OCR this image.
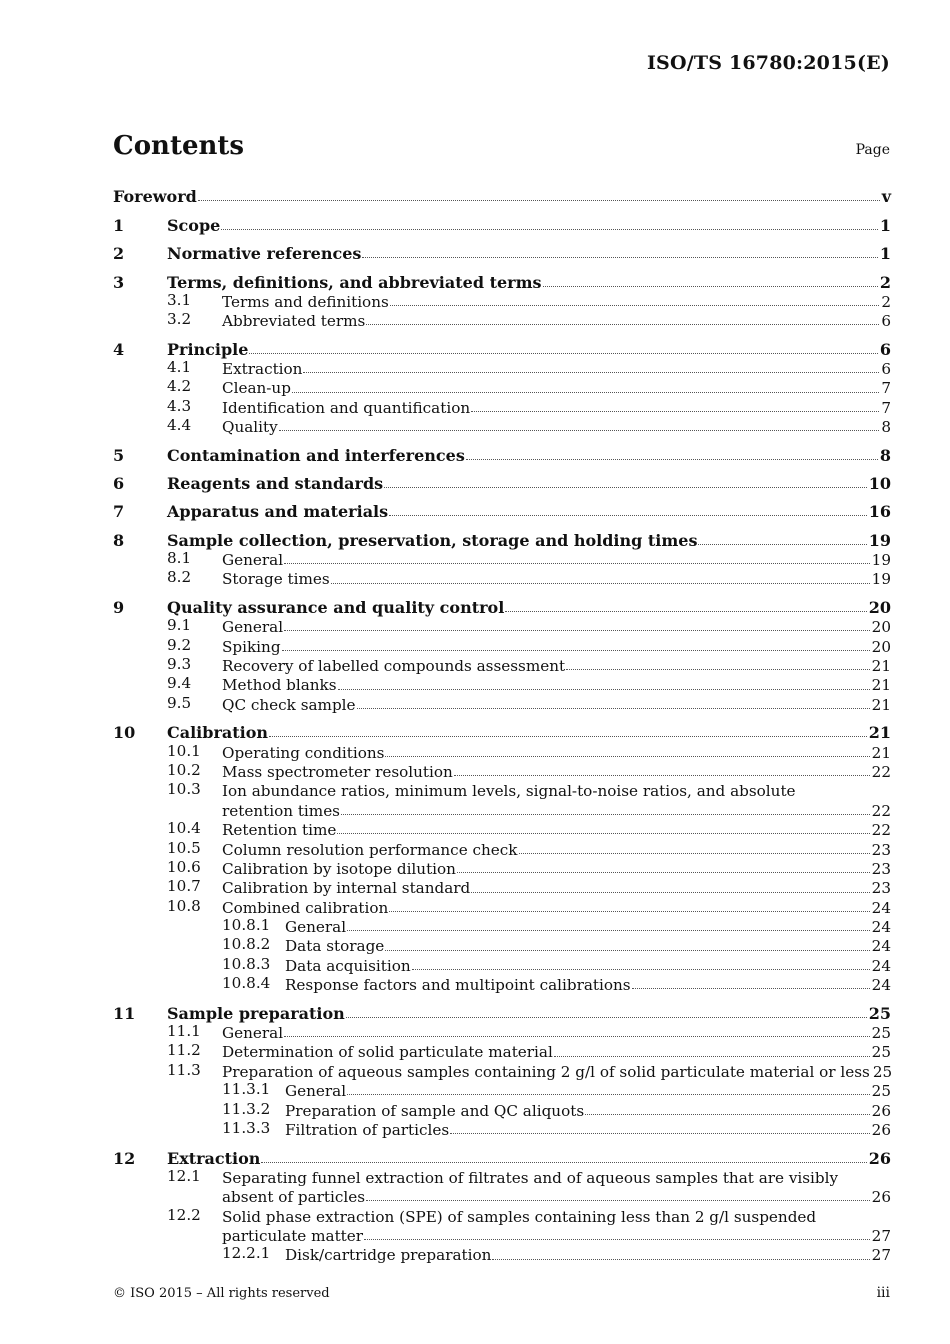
ISO/TS 16780:2015(E)
Contents	Page
Foreword	v
1	Scope	1
2	Normative references	1
3	Terms, definitions, and abbreviated terms	2
3.1	Terms and definitions	2
3.2	Abbreviated terms	6
4	Principle	6
4.1	Extraction	6
4.2	Clean-up	7
4.3	Identification and quantification	7
4.4	Quality	8
5	Contamination and interferences	8
6	Reagents and standards	10
7	Apparatus and materials	16
8	Sample collection, preservation, storage and holding times	19
8.1	General	19
8.2	Storage times	19
9	Quality assurance and quality control	20
9.1	General	20
9.2	Spiking	20
9.3	Recovery of labelled compounds assessment	21
9.4	Method blanks	21
9.5	QC check sample	21
10	Calibration	21
10.1	Operating conditions	21
10.2	Mass spectrometer resolution	22
10.3	Ion abundance ratios, minimum levels, signal-to-noise ratios, and absolute
retention times	22
10.4	Retention time	22
10.5	Column resolution performance check	23
10.6	Calibration by isotope dilution	23
10.7	Calibration by internal standard	23
10.8	Combined calibration	24
10.8.1 General	24
10.8.2 Data storage	24
10.8.3 Data acquisition	24
10.8.4 Response factors and multipoint calibrations	24
11	Sample preparation	25
11.1	General	25
11.2	Determination of solid particulate material	25
11.3	Preparation of aqueous samples containing 2 g/l of solid particulate material or less 25
11.3.1 General	25
11.3.2 Preparation of sample and QC aliquots	26
11.3.3 Filtration of particles	26
12	Extraction	26
12.1	Separating funnel extraction of filtrates and of aqueous samples that are visibly
absent of particles	26
12.2	Solid phase extraction (SPE) of samples containing less than 2 g/l suspended
particulate matter	27
12.2.1 Disk/cartridge preparation	27
© ISO 2015 – All rights reserved	iii
